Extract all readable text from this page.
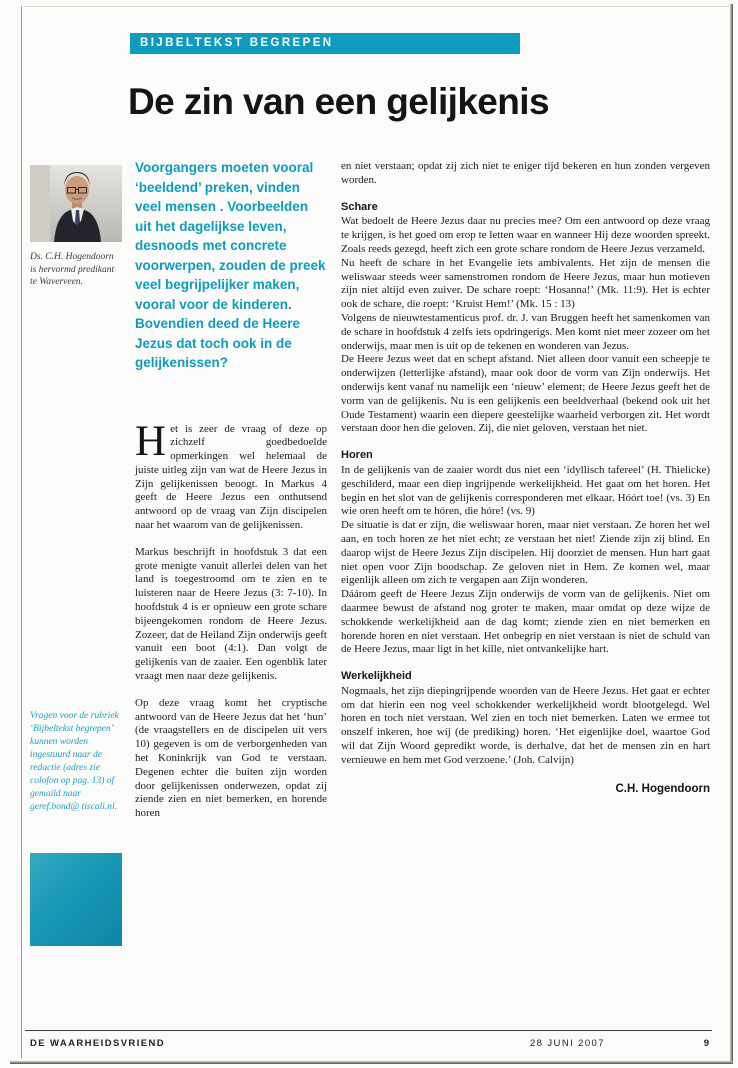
BIJBELTEKST BEGREPEN
De zin van een gelijkenis

Ds. C.H. Hogendoorn is hervormd predikant te Waverveen.

Vragen voor de rubriek ‘Bijbeltekst begrepen’ kunnen worden ingestuurd naar de redactie (adres zie colofon op pag. 13) of gemaild naar geref.bond@ tiscali.nl.

Voorgangers moeten vooral ‘beeldend’ preken, vinden veel mensen . Voorbeelden uit het dagelijkse leven, desnoods met concrete voorwerpen, zouden de preek veel begrijpelijker maken, vooral voor de kinderen. Bovendien deed de Heere Jezus dat toch ook in de gelijkenissen?

Het is zeer de vraag of deze op zichzelf goedbedoelde opmerkingen wel helemaal de juiste uitleg zijn van wat de Heere Jezus in Zijn gelijkenissen beoogt. In Markus 4 geeft de Heere Jezus een onthutsend antwoord op de vraag van Zijn discipelen naar het waarom van de gelijkenissen.

Markus beschrijft in hoofdstuk 3 dat een grote menigte vanuit allerlei delen van het land is toegestroomd om te zien en te luisteren naar de Heere Jezus (3: 7-10). In hoofdstuk 4 is er opnieuw een grote schare bijeengekomen rondom de Heere Jezus. Zozeer, dat de Heiland Zijn onderwijs geeft vanuit een boot (4:1). Dan volgt de gelijkenis van de zaaier. Een ogenblik later vraagt men naar deze gelijkenis.

Op deze vraag komt het cryptische antwoord van de Heere Jezus dat het ‘hun’ (de vraagstellers en de discipelen uit vers 10) gegeven is om de verborgenheden van het Koninkrijk van God te verstaan. Degenen echter die buiten zijn worden door gelijkenissen onderwezen, opdat zij ziende zien en niet bemerken, en horende horen

en niet verstaan; opdat zij zich niet te eniger tijd bekeren en hun zonden vergeven worden.

Schare

Wat bedoelt de Heere Jezus daar nu precies mee? Om een antwoord op deze vraag te krijgen, is het goed om erop te letten waar en wanneer Hij deze woorden spreekt. Zoals reeds gezegd, heeft zich een grote schare rondom de Heere Jezus verzameld.

Nu heeft de schare in het Evangelie iets ambivalents. Het zijn de mensen die weliswaar steeds weer samenstromen rondom de Heere Jezus, maar hun motieven zijn niet altijd even zuiver. De schare roept: ‘Hosanna!’ (Mk. 11:9). Het is echter ook de schare, die roept: ‘Kruist Hem!’ (Mk. 15 : 13)

Volgens de nieuwtestamenticus prof. dr. J. van Bruggen heeft het samenkomen van de schare in hoofdstuk 4 zelfs iets opdringerigs. Men komt niet meer zozeer om het onderwijs, maar men is uit op de tekenen en wonderen van Jezus.

De Heere Jezus weet dat en schept afstand. Niet alleen door vanuit een scheepje te onderwijzen (letterlijke afstand), maar ook door de vorm van Zijn onderwijs. Het onderwijs kent vanaf nu namelijk een ‘nieuw’ element; de Heere Jezus geeft het de vorm van de gelijkenis. Nu is een gelijkenis een beeldverhaal (bekend ook uit het Oude Testament) waarin een diepere geestelijke waarheid verborgen zit. Het wordt verstaan door hen die geloven. Zij, die niet geloven, verstaan het niet.

Horen

In de gelijkenis van de zaaier wordt dus niet een ‘idyllisch tafereel’ (H. Thielicke) geschilderd, maar een diep ingrijpende werkelijkheid. Het gaat om het horen. Het begin en het slot van de gelijkenis corresponderen met elkaar. Hóórt toe! (vs. 3) En wie oren heeft om te hóren, die hóre! (vs. 9)

De situatie is dat er zijn, die weliswaar horen, maar niet verstaan. Ze horen het wel aan, en toch horen ze het niet echt; ze verstaan het niet! Ziende zijn zij blind. En daarop wijst de Heere Jezus Zijn discipelen. Hij doorziet de mensen. Hun hart gaat niet open voor Zijn boodschap. Ze geloven niet in Hem. Ze komen wel, maar eigenlijk alleen om zich te vergapen aan Zijn wonderen.

Dáárom geeft de Heere Jezus Zijn onderwijs de vorm van de gelijkenis. Niet om daarmee bewust de afstand nog groter te maken, maar omdat op deze wijze de schokkende werkelijkheid aan de dag komt; ziende zien en niet bemerken en horende horen en niet verstaan. Het onbegrip en niet verstaan is niet de schuld van de Heere Jezus, maar ligt in het kille, niet ontvankelijke hart.

Werkelijkheid

Nogmaals, het zijn diepingrijpende woorden van de Heere Jezus. Het gaat er echter om dat hierin een nog veel schokkender werkelijkheid wordt blootgelegd. Wel horen en toch niet verstaan. Wel zien en toch niet bemerken. Laten we ermee tot onszelf inkeren, hoe wíj (de prediking) horen. ‘Het eigenlijke doel, waartoe God wil dat Zijn Woord gepredikt worde, is derhalve, dat het de mensen zin en hart vernieuwe en hem met God verzoene.’ (Joh. Calvijn)

C.H. Hogendoorn
DE WAARHEIDSVRIEND	28 JUNI 2007	9
